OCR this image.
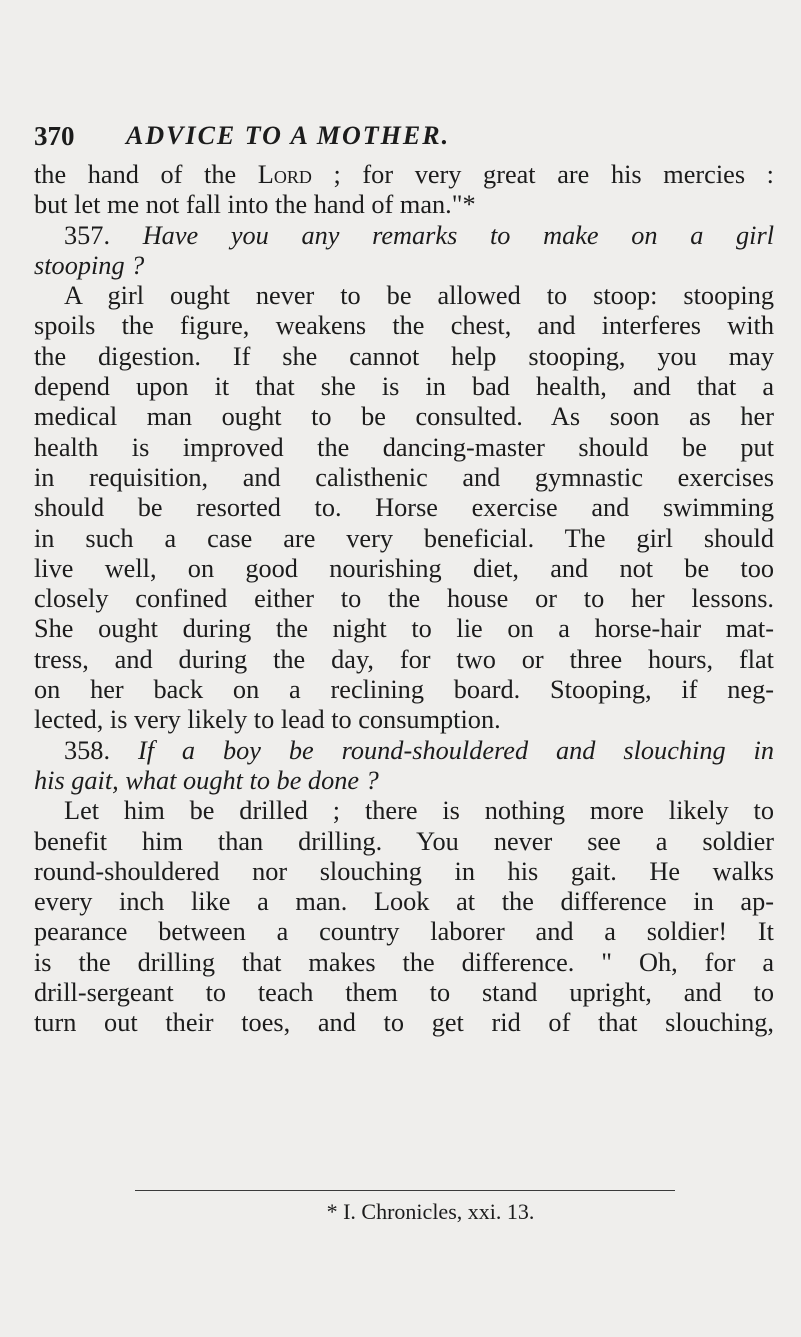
370 ADVICE TO A MOTHER.
the hand of the Lord ; for very great are his mercies :
but let me not fall into the hand of man."*
357. Have you any remarks to make on a girl
stooping ?
A girl ought never to be allowed to stoop: stooping
spoils the figure, weakens the chest, and interferes with
the digestion. If she cannot help stooping, you may
depend upon it that she is in bad health, and that a
medical man ought to be consulted. As soon as her
health is improved the dancing-master should be put
in requisition, and calisthenic and gymnastic exercises
should be resorted to. Horse exercise and swimming
in such a case are very beneficial. The girl should
live well, on good nourishing diet, and not be too
closely confined either to the house or to her lessons.
She ought during the night to lie on a horse-hair mat-
tress, and during the day, for two or three hours, flat
on her back on a reclining board. Stooping, if neg-
lected, is very likely to lead to consumption.
358. If a boy be round-shouldered and slouching in
his gait, what ought to be done ?
Let him be drilled ; there is nothing more likely to
benefit him than drilling. You never see a soldier
round-shouldered nor slouching in his gait. He walks
every inch like a man. Look at the difference in ap-
pearance between a country laborer and a soldier! It
is the drilling that makes the difference. " Oh, for a
drill-sergeant to teach them to stand upright, and to
turn out their toes, and to get rid of that slouching,
* I. Chronicles, xxi. 13.
